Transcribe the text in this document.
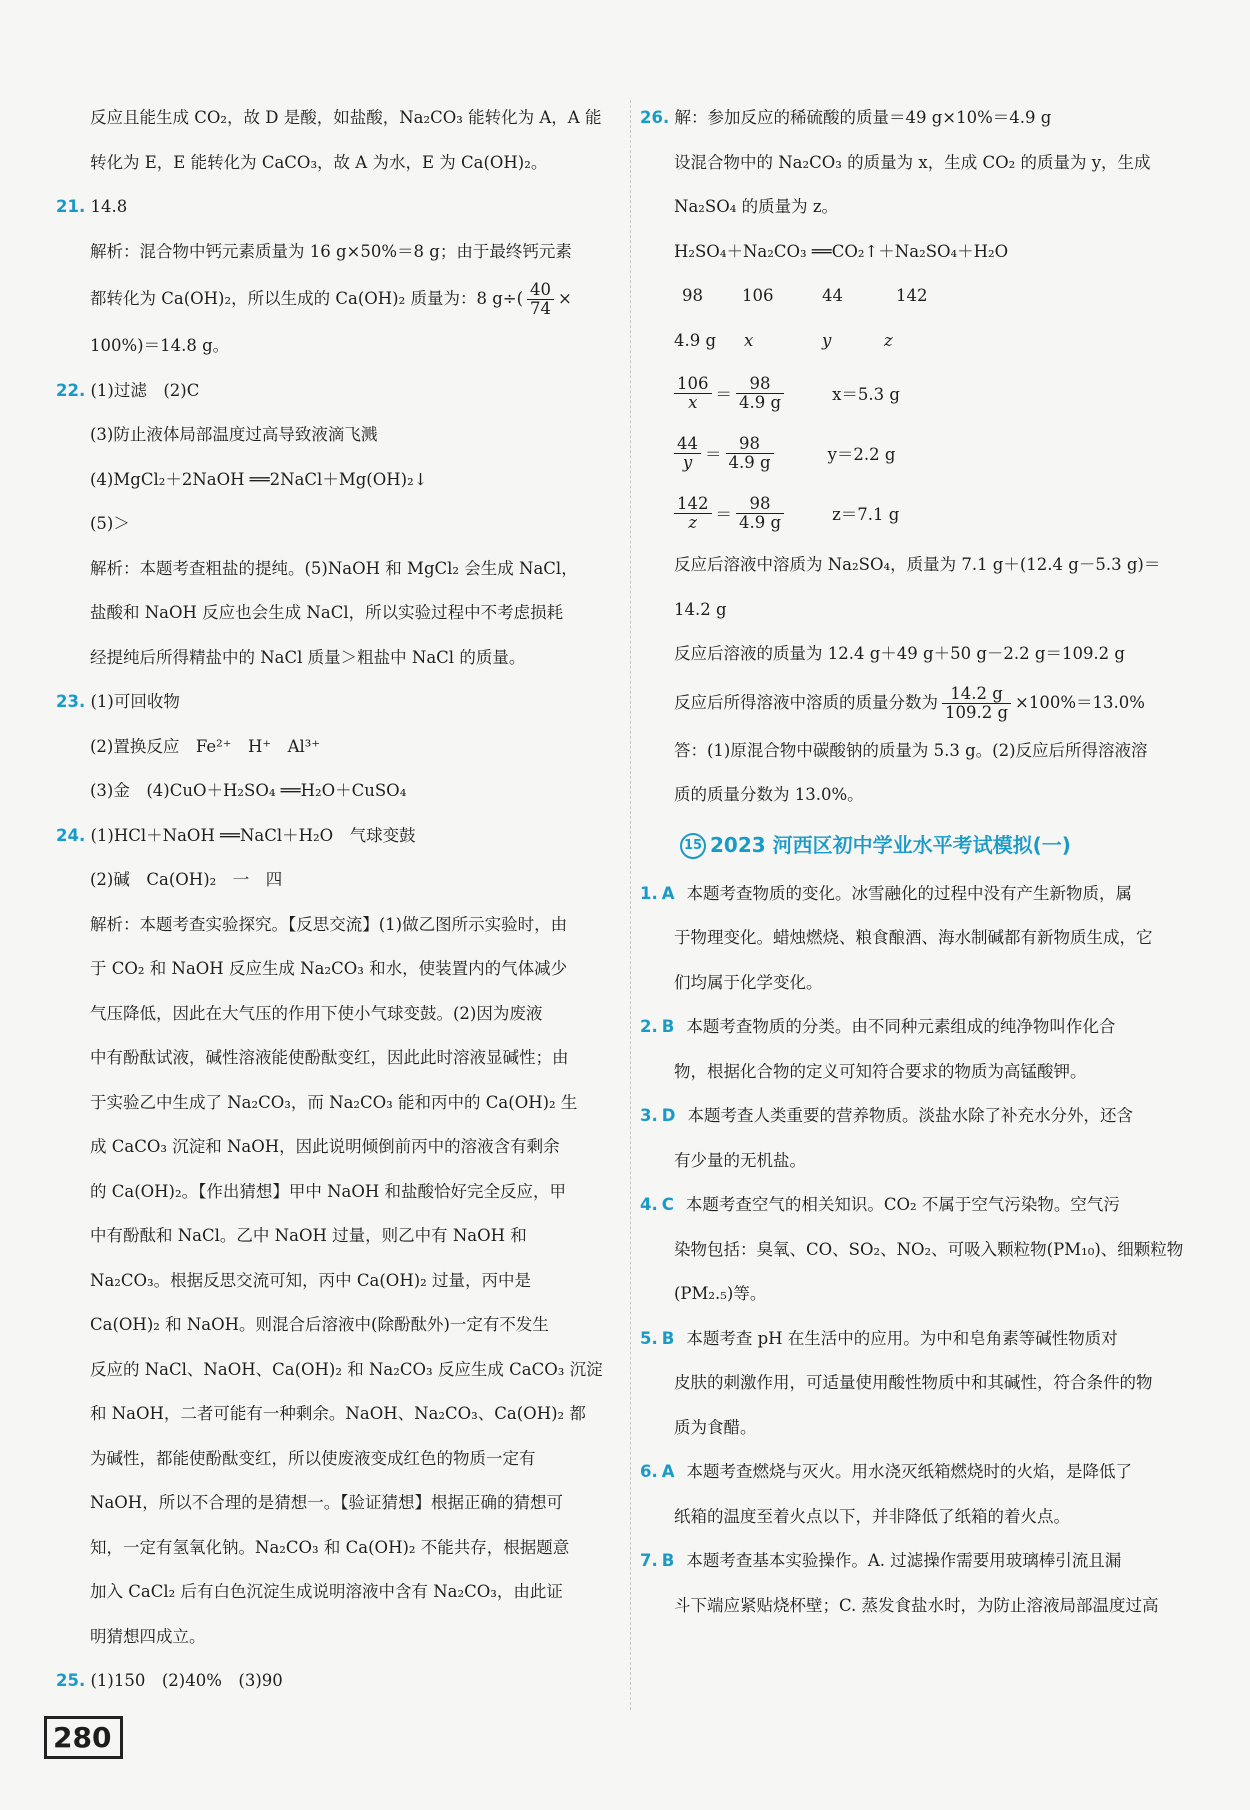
反应且能生成 CO₂，故 D 是酸，如盐酸，Na₂CO₃ 能转化为 A，A 能
转化为 E，E 能转化为 CaCO₃，故 A 为水，E 为 Ca(OH)₂。
21. 14.8
解析：混合物中钙元素质量为 16 g×50%＝8 g；由于最终钙元素
都转化为 Ca(OH)₂，所以生成的 Ca(OH)₂ 质量为：8 $g\div( \frac{40}{74}$ ×
100%)＝14.8 g。
22. (1)过滤　(2)C
(3)防止液体局部温度过高导致液滴飞溅
(4)MgCl₂＋2NaOH ══2NaCl＋Mg(OH)₂↓
(5)＞
解析：本题考查粗盐的提纯。(5)NaOH 和 MgCl₂ 会生成 NaCl，
盐酸和 NaOH 反应也会生成 NaCl，所以实验过程中不考虑损耗
经提纯后所得精盐中的 NaCl 质量＞粗盐中 NaCl 的质量。
23. (1)可回收物
(2)置换反应　Fe²⁺　H⁺　Al³⁺
(3)金　(4)CuO＋H₂SO₄ ══H₂O＋CuSO₄
24. (1)HCl＋NaOH ══NaCl＋H₂O　气球变鼓
(2)碱　Ca(OH)₂　一　四
解析：本题考查实验探究。【反思交流】(1)做乙图所示实验时，由
于 CO₂ 和 NaOH 反应生成 Na₂CO₃ 和水，使装置内的气体减少
气压降低，因此在大气压的作用下使小气球变鼓。(2)因为废液
中有酚酞试液，碱性溶液能使酚酞变红，因此此时溶液显碱性；由
于实验乙中生成了 Na₂CO₃，而 Na₂CO₃ 能和丙中的 Ca(OH)₂ 生
成 CaCO₃ 沉淀和 NaOH，因此说明倾倒前丙中的溶液含有剩余
的 Ca(OH)₂。【作出猜想】甲中 NaOH 和盐酸恰好完全反应，甲
中有酚酞和 NaCl。乙中 NaOH 过量，则乙中有 NaOH 和
Na₂CO₃。根据反思交流可知，丙中 Ca(OH)₂ 过量，丙中是
Ca(OH)₂ 和 NaOH。则混合后溶液中(除酚酞外)一定有不发生
反应的 NaCl、NaOH、Ca(OH)₂ 和 Na₂CO₃ 反应生成 CaCO₃ 沉淀
和 NaOH，二者可能有一种剩余。NaOH、Na₂CO₃、Ca(OH)₂ 都
为碱性，都能使酚酞变红，所以使废液变成红色的物质一定有
NaOH，所以不合理的是猜想一。【验证猜想】根据正确的猜想可
知，一定有氢氧化钠。Na₂CO₃ 和 Ca(OH)₂ 不能共存，根据题意
加入 CaCl₂ 后有白色沉淀生成说明溶液中含有 Na₂CO₃，由此证
明猜想四成立。
25. (1)150　(2)40%　(3)90
26. 解：参加反应的稀硫酸的质量＝49 g×10%＝4.9 g
设混合物中的 Na₂CO₃ 的质量为 x，生成 CO₂ 的质量为 y，生成
Na₂SO₄ 的质量为 z。
H₂SO₄＋Na₂CO₃ ══CO₂↑＋Na₂SO₄＋H₂O
98	106	44	142
4.9 g	x	y	z
$\frac{106}{x} = \frac{98}{4.9 g}$	x＝5.3 g
$\frac{44}{y} = \frac{98}{4.9 g}$	y＝2.2 g
$\frac{142}{z} = \frac{98}{4.9 g}$	z＝7.1 g
反应后溶液中溶质为 Na₂SO₄，质量为 7.1 g＋(12.4 g－5.3 g)＝
14.2 g
反应后溶液的质量为 12.4 g＋49 g＋50 g－2.2 g＝109.2 g
反应后所得溶液中溶质的质量分数为 $\frac{14.2 g}{109.2 g} \times 100\%=13.0\%$
答：(1)原混合物中碳酸钠的质量为 5.3 g。(2)反应后所得溶液溶
质的质量分数为 13.0%。
15 2023 河西区初中学业水平考试模拟(一)
1. A 本题考查物质的变化。冰雪融化的过程中没有产生新物质，属
于物理变化。蜡烛燃烧、粮食酿酒、海水制碱都有新物质生成，它
们均属于化学变化。
2. B 本题考查物质的分类。由不同种元素组成的纯净物叫作化合
物，根据化合物的定义可知符合要求的物质为高锰酸钾。
3. D 本题考查人类重要的营养物质。淡盐水除了补充水分外，还含
有少量的无机盐。
4. C 本题考查空气的相关知识。CO₂ 不属于空气污染物。空气污
染物包括：臭氧、CO、SO₂、NO₂、可吸入颗粒物(PM₁₀)、细颗粒物
(PM₂.₅)等。
5. B 本题考查 pH 在生活中的应用。为中和皂角素等碱性物质对
皮肤的刺激作用，可适量使用酸性物质中和其碱性，符合条件的物
质为食醋。
6. A 本题考查燃烧与灭火。用水浇灭纸箱燃烧时的火焰，是降低了
纸箱的温度至着火点以下，并非降低了纸箱的着火点。
7. B 本题考查基本实验操作。A. 过滤操作需要用玻璃棒引流且漏
斗下端应紧贴烧杯壁；C. 蒸发食盐水时，为防止溶液局部温度过高
280
